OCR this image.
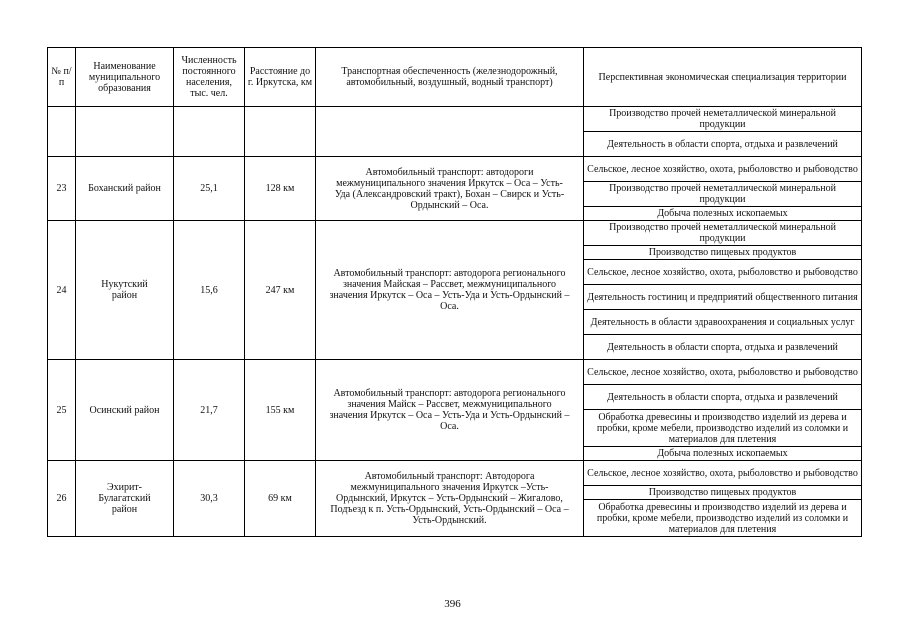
№ п/п	Наименование муниципального образования	Численность постоянного населения, тыс. чел.	Расстояние до г. Иркутска, км	Транспортная обеспеченность (железнодорожный, автомобильный, воздушный, водный транспорт)	Перспективная экономическая специализация территории
					Производство прочей неметаллической минеральной продукции
					Деятельность в области спорта, отдыха и развлечений
23	Боханский район	25,1	128 км	Автомобильный транспорт: автодороги межмуниципального значения Иркутск – Оса – Усть-Уда (Александровский тракт), Бохан – Свирск и Усть-Ордынский – Оса.	Сельское, лесное хозяйство, охота, рыболовство и рыбоводство
					Производство прочей неметаллической минеральной продукции
					Добыча полезных ископаемых
24	Нукутский район	15,6	247 км	Автомобильный транспорт: автодорога регионального значения Майская – Рассвет, межмуниципального значения Иркутск – Оса – Усть-Уда и Усть-Ордынский – Оса.	Производство прочей неметаллической минеральной продукции
					Производство пищевых продуктов
					Сельское, лесное хозяйство, охота, рыболовство и рыбоводство
					Деятельность гостиниц и предприятий общественного питания
					Деятельность в области здравоохранения и социальных услуг
					Деятельность в области спорта, отдыха и развлечений
25	Осинский район	21,7	155 км	Автомобильный транспорт: автодорога регионального значения Майск – Рассвет, межмуниципального значения Иркутск – Оса – Усть-Уда и Усть-Ордынский – Оса.	Сельское, лесное хозяйство, охота, рыболовство и рыбоводство
					Деятельность в области спорта, отдыха и развлечений
					Обработка древесины и производство изделий из дерева и пробки, кроме мебели, производство изделий из соломки и материалов для плетения
					Добыча полезных ископаемых
26	Эхирит-Булагатский район	30,3	69 км	Автомобильный транспорт: Автодорога межмуниципального значения Иркутск –Усть-Ордынский, Иркутск – Усть-Ордынский – Жигалово, Подъезд к п. Усть-Ордынский, Усть-Ордынский – Оса – Усть-Ордынский.	Сельское, лесное хозяйство, охота, рыболовство и рыбоводство
					Производство пищевых продуктов
					Обработка древесины и производство изделий из дерева и пробки, кроме мебели, производство изделий из соломки и материалов для плетения
396
